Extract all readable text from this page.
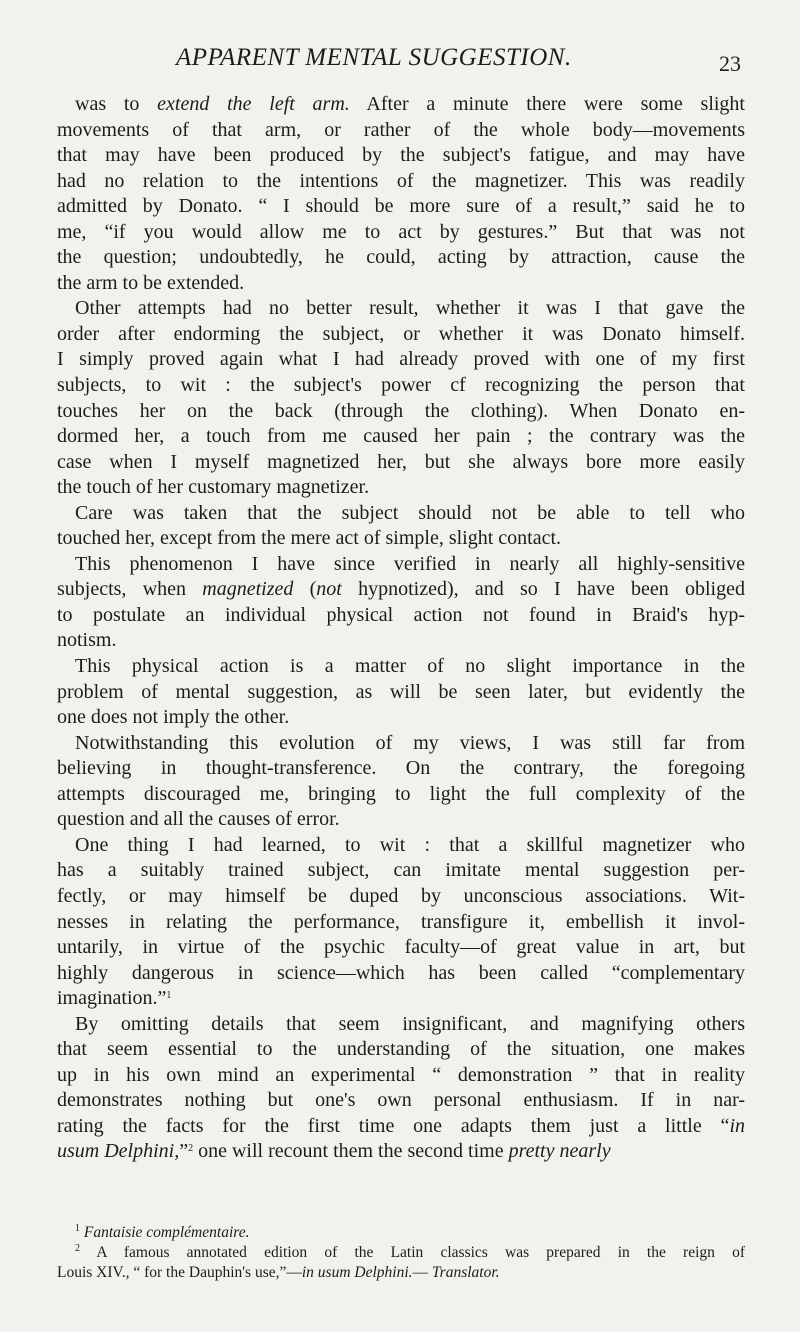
APPARENT MENTAL SUGGESTION.	23
was to extend the left arm. After a minute there were some slight
movements of that arm, or rather of the whole body—movements
that may have been produced by the subject's fatigue, and may have
had no relation to the intentions of the magnetizer. This was readily
admitted by Donato. “ I should be more sure of a result,” said he to
me, “if you would allow me to act by gestures.” But that was not
the question; undoubtedly, he could, acting by attraction, cause the
the arm to be extended.
Other attempts had no better result, whether it was I that gave the
order after endorming the subject, or whether it was Donato himself.
I simply proved again what I had already proved with one of my first
subjects, to wit : the subject's power cf recognizing the person that
touches her on the back (through the clothing). When Donato en-
dormed her, a touch from me caused her pain ; the contrary was the
case when I myself magnetized her, but she always bore more easily
the touch of her customary magnetizer.
Care was taken that the subject should not be able to tell who
touched her, except from the mere act of simple, slight contact.
This phenomenon I have since verified in nearly all highly-sensitive
subjects, when magnetized (not hypnotized), and so I have been obliged
to postulate an individual physical action not found in Braid's hyp-
notism.
This physical action is a matter of no slight importance in the
problem of mental suggestion, as will be seen later, but evidently the
one does not imply the other.
Notwithstanding this evolution of my views, I was still far from
believing in thought-transference. On the contrary, the foregoing
attempts discouraged me, bringing to light the full complexity of the
question and all the causes of error.
One thing I had learned, to wit : that a skillful magnetizer who
has a suitably trained subject, can imitate mental suggestion per-
fectly, or may himself be duped by unconscious associations. Wit-
nesses in relating the performance, transfigure it, embellish it invol-
untarily, in virtue of the psychic faculty—of great value in art, but
highly dangerous in science—which has been called “complementary
imagination.”$^1$
By omitting details that seem insignificant, and magnifying others
that seem essential to the understanding of the situation, one makes
up in his own mind an experimental “ demonstration ” that in reality
demonstrates nothing but one's own personal enthusiasm. If in nar-
rating the facts for the first time one adapts them just a little “in
usum Delphini,”$^2$ one will recount them the second time pretty nearly
$^1$ Fantaisie complémentaire.
$^2$ A famous annotated edition of the Latin classics was prepared in the reign of
Louis XIV., “ for the Dauphin's use,”—in usum Delphini.— Translator.
